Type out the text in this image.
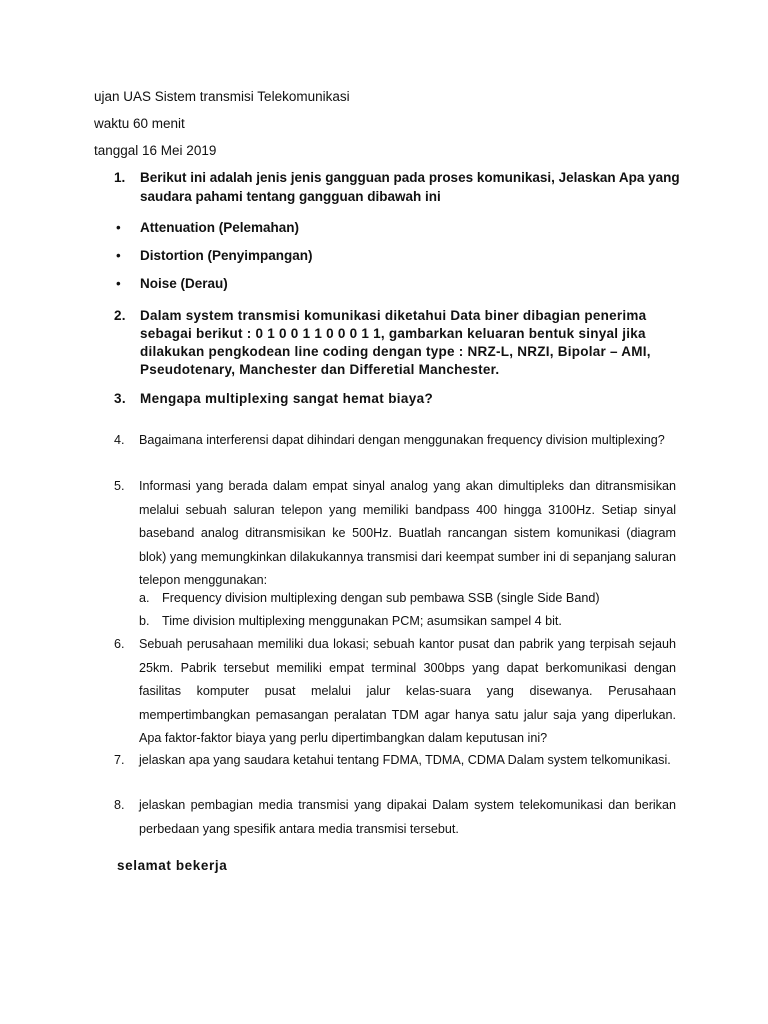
ujan UAS Sistem transmisi Telekomunikasi
waktu 60 menit
tanggal 16 Mei 2019
1. Berikut ini adalah jenis jenis gangguan pada proses komunikasi, Jelaskan Apa yang saudara pahami tentang gangguan dibawah ini
• Attenuation (Pelemahan)
• Distortion (Penyimpangan)
• Noise (Derau)
2. Dalam system transmisi komunikasi diketahui Data biner dibagian penerima sebagai berikut : 0 1 0 0 1 1 0 0 0 1 1, gambarkan keluaran bentuk sinyal jika dilakukan pengkodean line coding dengan type : NRZ-L, NRZI, Bipolar – AMI, Pseudotenary, Manchester dan Differetial Manchester.
3. Mengapa multiplexing sangat hemat biaya?
4. Bagaimana interferensi dapat dihindari dengan menggunakan frequency division multiplexing?
5. Informasi yang berada dalam empat sinyal analog yang akan dimultipleks dan ditransmisikan melalui sebuah saluran telepon yang memiliki bandpass 400 hingga 3100Hz. Setiap sinyal baseband analog ditransmisikan ke 500Hz. Buatlah rancangan sistem komunikasi (diagram blok) yang memungkinkan dilakukannya transmisi dari keempat sumber ini di sepanjang saluran telepon menggunakan:
a. Frequency division multiplexing dengan sub pembawa SSB (single Side Band)
b. Time division multiplexing menggunakan PCM; asumsikan sampel 4 bit.
6. Sebuah perusahaan memiliki dua lokasi; sebuah kantor pusat dan pabrik yang terpisah sejauh 25km. Pabrik tersebut memiliki empat terminal 300bps yang dapat berkomunikasi dengan fasilitas komputer pusat melalui jalur kelas-suara yang disewanya. Perusahaan mempertimbangkan pemasangan peralatan TDM agar hanya satu jalur saja yang diperlukan. Apa faktor-faktor biaya yang perlu dipertimbangkan dalam keputusan ini?
7. jelaskan apa yang saudara ketahui tentang FDMA, TDMA, CDMA Dalam system telkomunikasi.
8. jelaskan pembagian media transmisi yang dipakai Dalam system telekomunikasi dan berikan perbedaan yang spesifik antara media transmisi tersebut.
selamat bekerja
